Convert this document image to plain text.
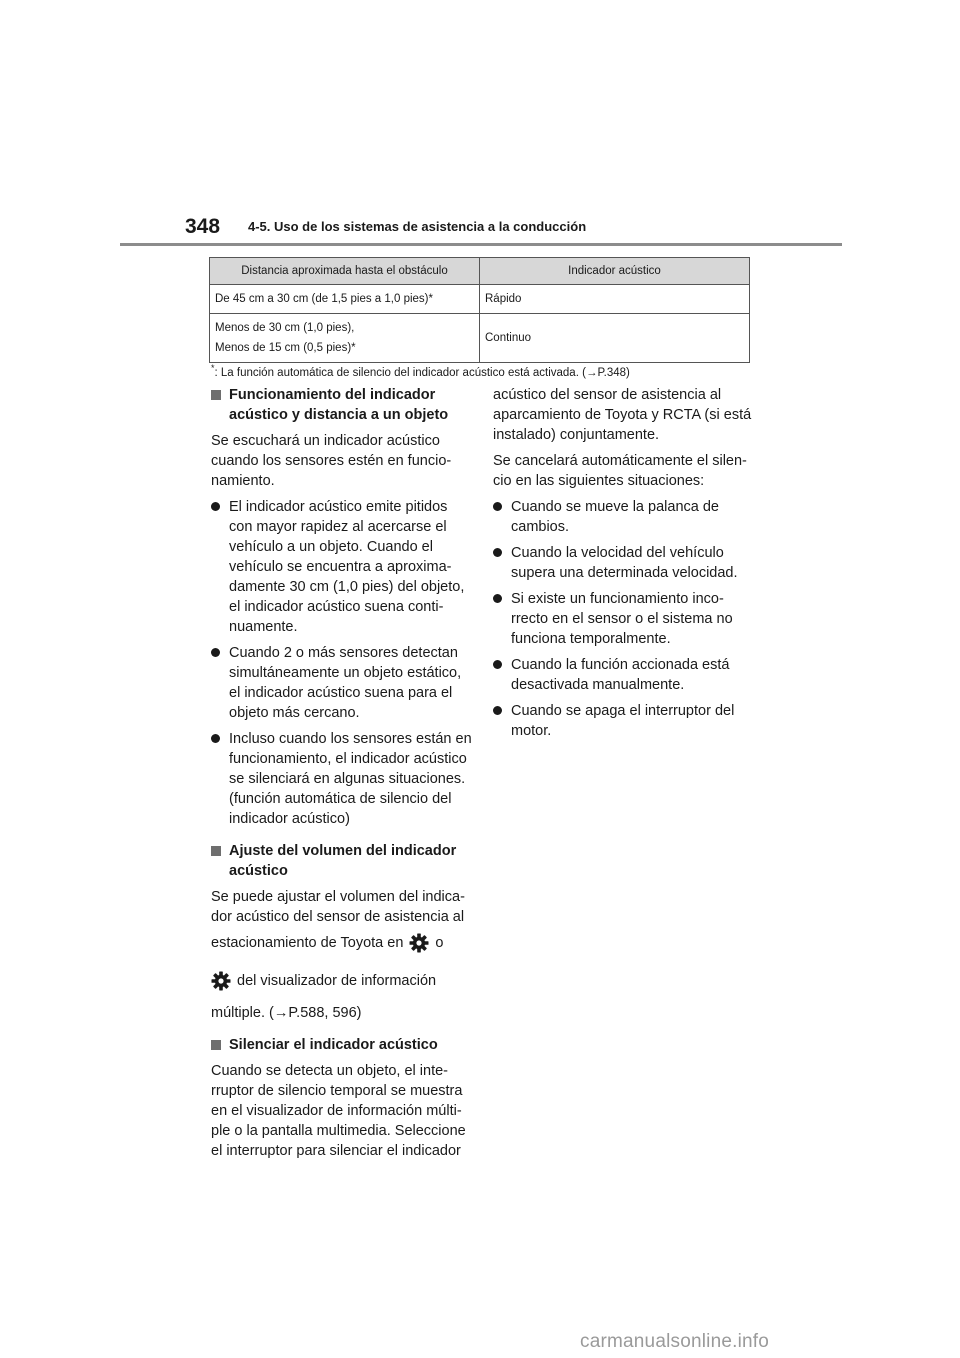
348 4-5. Uso de los sistemas de asistencia a la conducción
Distancia aproximada hasta el obstáculo	Indicador acústico
De 45 cm a 30 cm (de 1,5 pies a 1,0 pies)*	Rápido
Menos de 30 cm (1,0 pies),
Menos de 15 cm (0,5 pies)*	Continuo
*: La función automática de silencio del indicador acústico está activada. (→P.348)
Funcionamiento del indicador acústico y distancia a un objeto

Se escuchará un indicador acústico cuando los sensores estén en funcio- namiento.

El indicador acústico emite pitidos con mayor rapidez al acercarse el vehículo a un objeto. Cuando el vehículo se encuentra a aproxima- damente 30 cm (1,0 pies) del objeto, el indicador acústico suena conti- nuamente.
Cuando 2 o más sensores detectan simultáneamente un objeto estático, el indicador acústico suena para el objeto más cercano.
Incluso cuando los sensores están en funcionamiento, el indicador acústico se silenciará en algunas situaciones. (función automática de silencio del indicador acústico)
Ajuste del volumen del indicador acústico

Se puede ajustar el volumen del indica- dor acústico del sensor de asistencia al

estacionamiento de Toyota en o

del visualizador de información

múltiple. (→P.588, 596)

Silenciar el indicador acústico

Cuando se detecta un objeto, el inte- rruptor de silencio temporal se muestra en el visualizador de información múlti- ple o la pantalla multimedia. Seleccione el interruptor para silenciar el indicador

acústico del sensor de asistencia al aparcamiento de Toyota y RCTA (si está instalado) conjuntamente.

Se cancelará automáticamente el silen- cio en las siguientes situaciones:

Cuando se mueve la palanca de cambios.
Cuando la velocidad del vehículo supera una determinada velocidad.
Si existe un funcionamiento inco- rrecto en el sensor o el sistema no funciona temporalmente.
Cuando la función accionada está desactivada manualmente.
Cuando se apaga el interruptor del motor.
carmanualsonline.info
